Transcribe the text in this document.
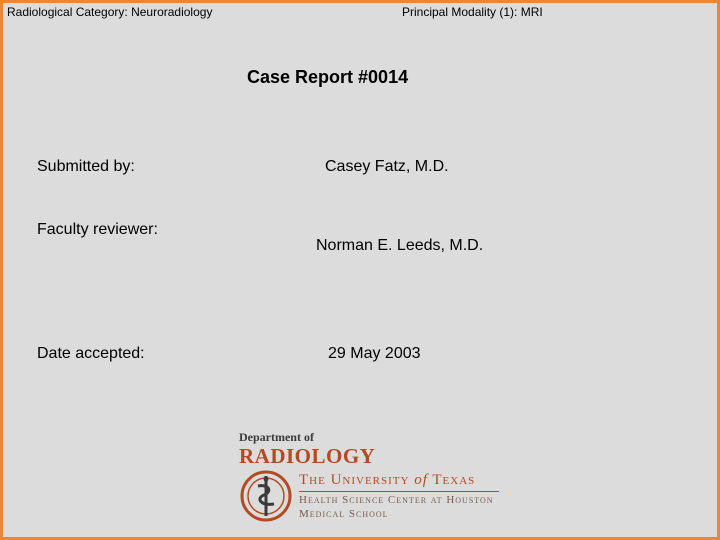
Radiological Category: Neuroradiology	Principal Modality (1): MRI
Case Report #0014
Submitted by:	Casey Fatz, M.D.
Faculty reviewer:
Norman E. Leeds, M.D.
Date accepted:	29 May 2003
Department of
RADIOLOGY
The University of Texas
Health Science Center at Houston
Medical School
